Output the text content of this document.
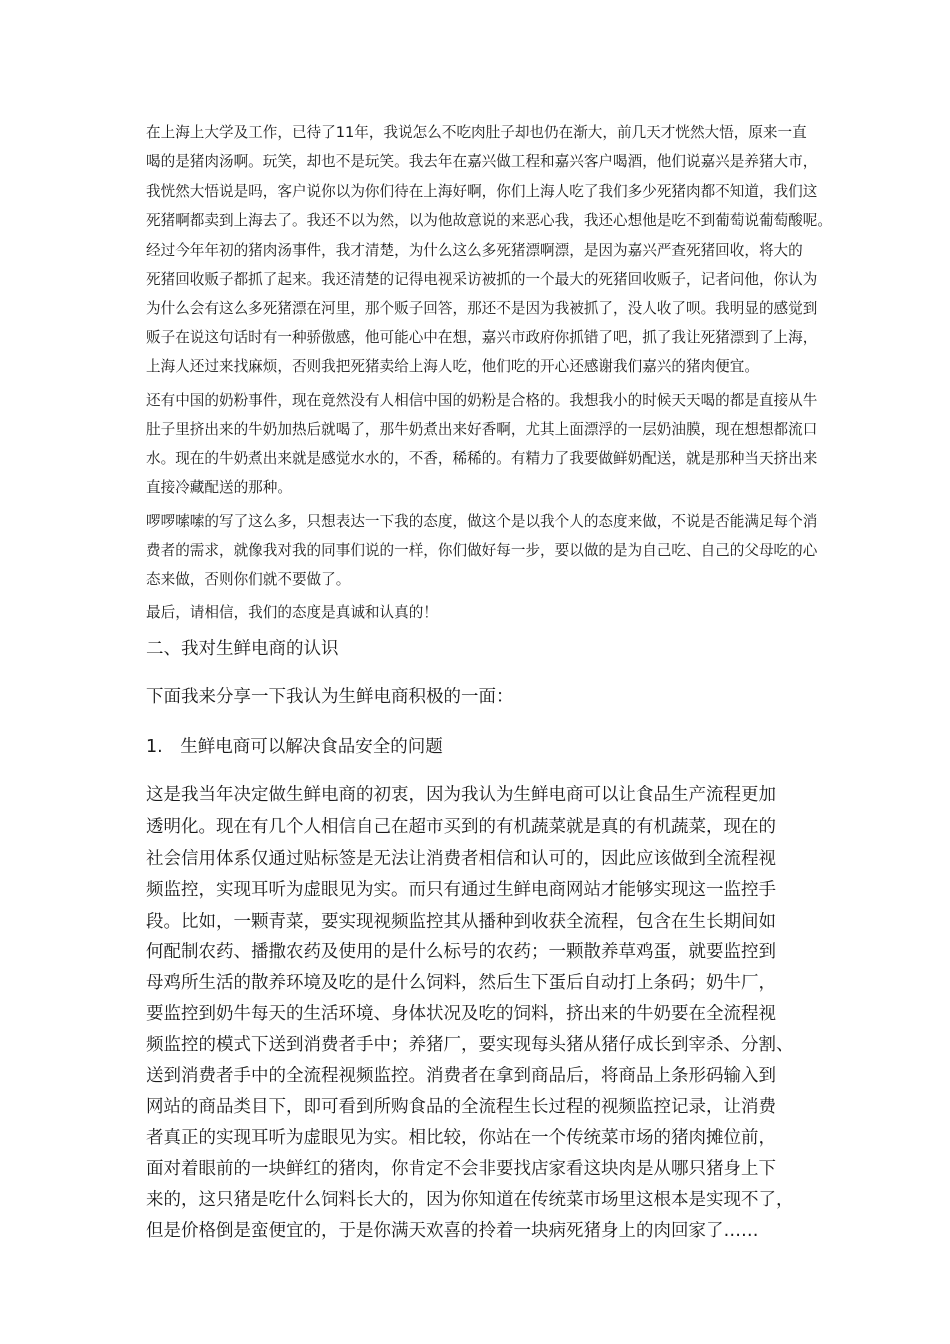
在上海上大学及工作，已待了11年，我说怎么不吃肉肚子却也仍在渐大，前几天才恍然大悟，原来一直
喝的是猪肉汤啊。玩笑，却也不是玩笑。我去年在嘉兴做工程和嘉兴客户喝酒，他们说嘉兴是养猪大市，
我恍然大悟说是吗，客户说你以为你们待在上海好啊，你们上海人吃了我们多少死猪肉都不知道，我们这
死猪啊都卖到上海去了。我还不以为然，以为他故意说的来恶心我，我还心想他是吃不到葡萄说葡萄酸呢。
经过今年年初的猪肉汤事件，我才清楚，为什么这么多死猪漂啊漂，是因为嘉兴严查死猪回收，将大的
死猪回收贩子都抓了起来。我还清楚的记得电视采访被抓的一个最大的死猪回收贩子，记者问他，你认为
为什么会有这么多死猪漂在河里，那个贩子回答，那还不是因为我被抓了，没人收了呗。我明显的感觉到
贩子在说这句话时有一种骄傲感，他可能心中在想，嘉兴市政府你抓错了吧，抓了我让死猪漂到了上海，
上海人还过来找麻烦，否则我把死猪卖给上海人吃，他们吃的开心还感谢我们嘉兴的猪肉便宜。
还有中国的奶粉事件，现在竟然没有人相信中国的奶粉是合格的。我想我小的时候天天喝的都是直接从牛
肚子里挤出来的牛奶加热后就喝了，那牛奶煮出来好香啊，尤其上面漂浮的一层奶油膜，现在想想都流口
水。现在的牛奶煮出来就是感觉水水的，不香，稀稀的。有精力了我要做鲜奶配送，就是那种当天挤出来
直接冷藏配送的那种。
啰啰嗦嗦的写了这么多，只想表达一下我的态度，做这个是以我个人的态度来做，不说是否能满足每个消
费者的需求，就像我对我的同事们说的一样，你们做好每一步，要以做的是为自己吃、自己的父母吃的心
态来做，否则你们就不要做了。
最后，请相信，我们的态度是真诚和认真的！
二、我对生鲜电商的认识
下面我来分享一下我认为生鲜电商积极的一面：
1.　生鲜电商可以解决食品安全的问题
这是我当年决定做生鲜电商的初衷，因为我认为生鲜电商可以让食品生产流程更加
透明化。现在有几个人相信自己在超市买到的有机蔬菜就是真的有机蔬菜，现在的
社会信用体系仅通过贴标签是无法让消费者相信和认可的，因此应该做到全流程视
频监控，实现耳听为虚眼见为实。而只有通过生鲜电商网站才能够实现这一监控手
段。比如，一颗青菜，要实现视频监控其从播种到收获全流程，包含在生长期间如
何配制农药、播撒农药及使用的是什么标号的农药；一颗散养草鸡蛋，就要监控到
母鸡所生活的散养环境及吃的是什么饲料，然后生下蛋后自动打上条码；奶牛厂，
要监控到奶牛每天的生活环境、身体状况及吃的饲料，挤出来的牛奶要在全流程视
频监控的模式下送到消费者手中；养猪厂，要实现每头猪从猪仔成长到宰杀、分割、
送到消费者手中的全流程视频监控。消费者在拿到商品后，将商品上条形码输入到
网站的商品类目下，即可看到所购食品的全流程生长过程的视频监控记录，让消费
者真正的实现耳听为虚眼见为实。相比较，你站在一个传统菜市场的猪肉摊位前，
面对着眼前的一块鲜红的猪肉，你肯定不会非要找店家看这块肉是从哪只猪身上下
来的，这只猪是吃什么饲料长大的，因为你知道在传统菜市场里这根本是实现不了，
但是价格倒是蛮便宜的，于是你满天欢喜的拎着一块病死猪身上的肉回家了……
